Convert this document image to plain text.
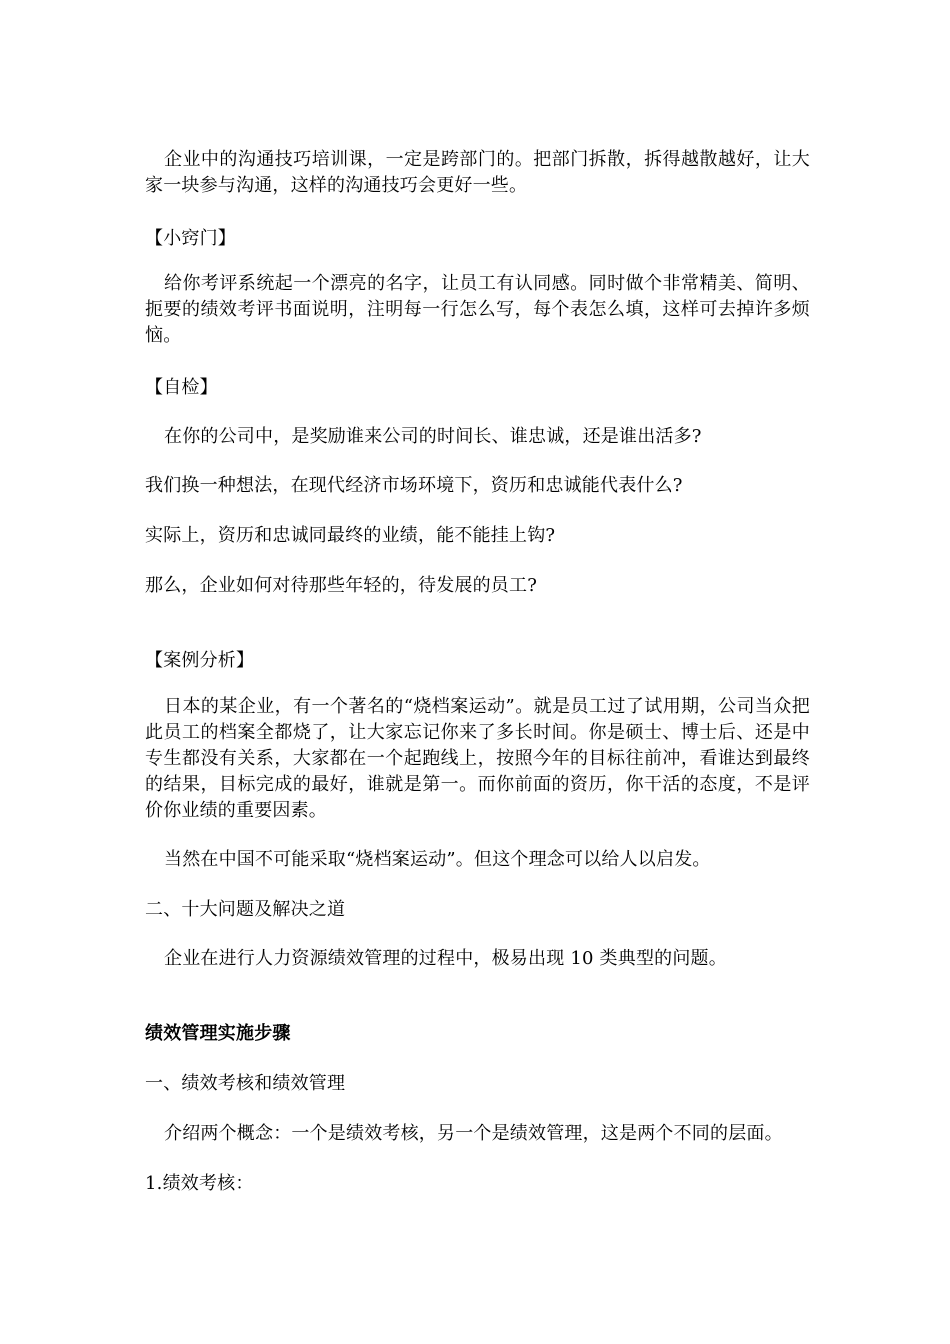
企业中的沟通技巧培训课，一定是跨部门的。把部门拆散，拆得越散越好，让大家一块参与沟通，这样的沟通技巧会更好一些。

【小窍门】

给你考评系统起一个漂亮的名字，让员工有认同感。同时做个非常精美、简明、扼要的绩效考评书面说明，注明每一行怎么写，每个表怎么填，这样可去掉许多烦恼。

【自检】

在你的公司中，是奖励谁来公司的时间长、谁忠诚，还是谁出活多?

我们换一种想法，在现代经济市场环境下，资历和忠诚能代表什么?

实际上，资历和忠诚同最终的业绩，能不能挂上钩?

那么，企业如何对待那些年轻的，待发展的员工?

【案例分析】

日本的某企业，有一个著名的“烧档案运动”。就是员工过了试用期，公司当众把此员工的档案全都烧了，让大家忘记你来了多长时间。你是硕士、博士后、还是中专生都没有关系，大家都在一个起跑线上，按照今年的目标往前冲，看谁达到最终的结果，目标完成的最好，谁就是第一。而你前面的资历，你干活的态度，不是评价你业绩的重要因素。

当然在中国不可能采取“烧档案运动”。但这个理念可以给人以启发。

二、十大问题及解决之道

企业在进行人力资源绩效管理的过程中，极易出现 10 类典型的问题。

绩效管理实施步骤

一、绩效考核和绩效管理

介绍两个概念：一个是绩效考核，另一个是绩效管理，这是两个不同的层面。

1.绩效考核：
